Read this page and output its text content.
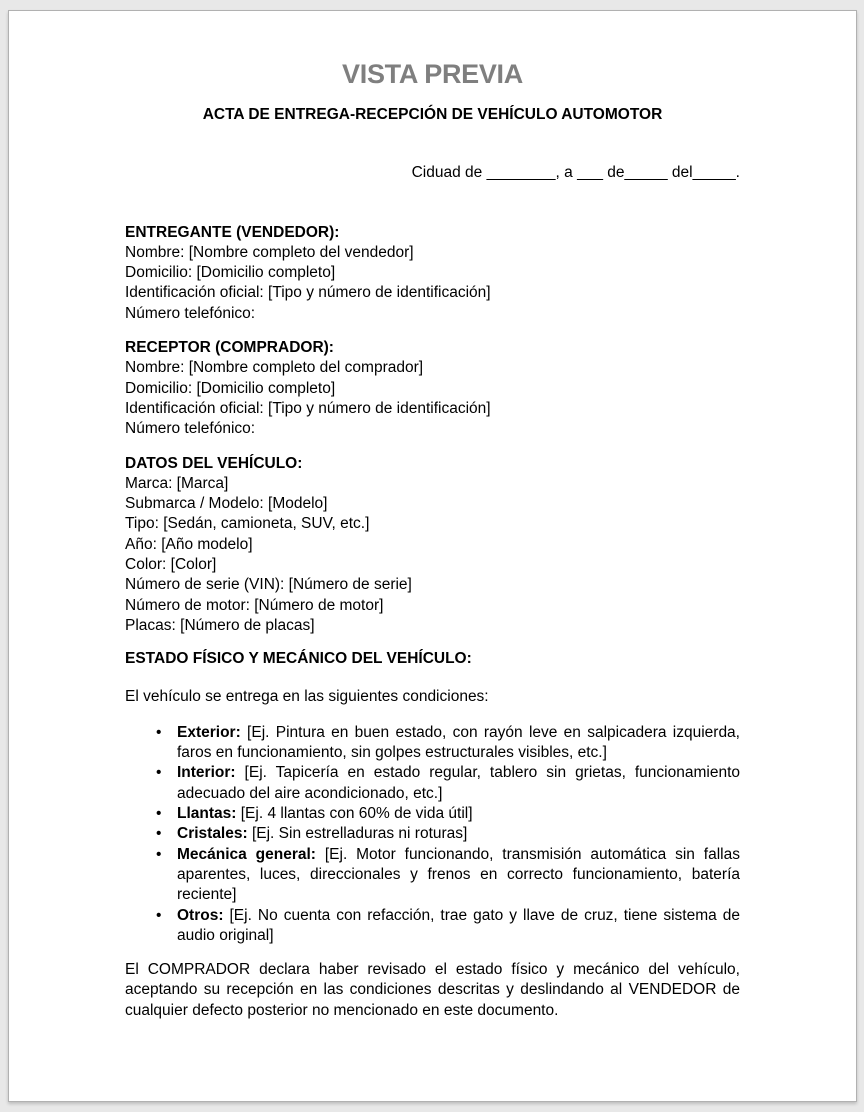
VISTA PREVIA
ACTA DE ENTREGA-RECEPCIÓN DE VEHÍCULO AUTOMOTOR

Ciduad de ________, a ___ de_____ del_____.

ENTREGANTE (VENDEDOR):
Nombre: [Nombre completo del vendedor]
Domicilio: [Domicilio completo]
Identificación oficial: [Tipo y número de identificación]
Número telefónico:
RECEPTOR (COMPRADOR):
Nombre: [Nombre completo del comprador]
Domicilio: [Domicilio completo]
Identificación oficial: [Tipo y número de identificación]
Número telefónico:
DATOS DEL VEHÍCULO:
Marca: [Marca]
Submarca / Modelo: [Modelo]
Tipo: [Sedán, camioneta, SUV, etc.]
Año: [Año modelo]
Color: [Color]
Número de serie (VIN): [Número de serie]
Número de motor: [Número de motor]
Placas: [Número de placas]
ESTADO FÍSICO Y MECÁNICO DEL VEHÍCULO:

El vehículo se entrega en las siguientes condiciones:

• Exterior: [Ej. Pintura en buen estado, con rayón leve en salpicadera izquierda, faros en funcionamiento, sin golpes estructurales visibles, etc.]
• Interior: [Ej. Tapicería en estado regular, tablero sin grietas, funcionamiento adecuado del aire acondicionado, etc.]
• Llantas: [Ej. 4 llantas con 60% de vida útil]
• Cristales: [Ej. Sin estrelladuras ni roturas]
• Mecánica general: [Ej. Motor funcionando, transmisión automática sin fallas aparentes, luces, direccionales y frenos en correcto funcionamiento, batería reciente]
• Otros: [Ej. No cuenta con refacción, trae gato y llave de cruz, tiene sistema de audio original]

El COMPRADOR declara haber revisado el estado físico y mecánico del vehículo, aceptando su recepción en las condiciones descritas y deslindando al VENDEDOR de cualquier defecto posterior no mencionado en este documento.
